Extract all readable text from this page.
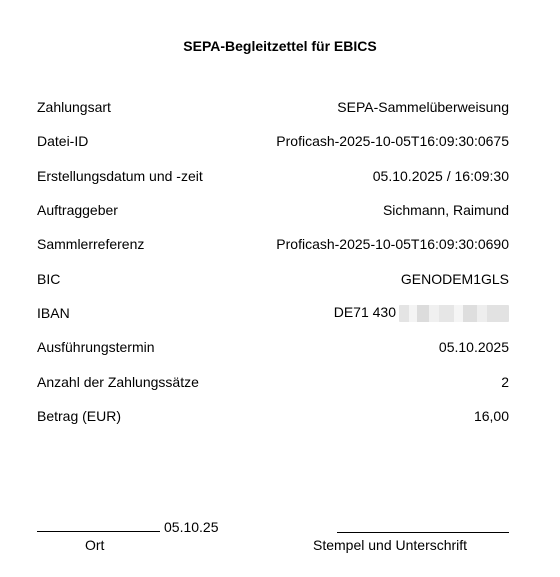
SEPA-Begleitzettel für EBICS
Zahlungsart	SEPA-Sammelüberweisung
Datei-ID	Proficash-2025-10-05T16:09:30:0675
Erstellungsdatum und -zeit	05.10.2025 / 16:09:30
Auftraggeber	Sichmann, Raimund
Sammlerreferenz	Proficash-2025-10-05T16:09:30:0690
BIC	GENODEM1GLS
IBAN	DE71 430
Ausführungstermin	05.10.2025
Anzahl der Zahlungssätze	2
Betrag (EUR)	16,00
05.10.25
Ort	Stempel und Unterschrift
